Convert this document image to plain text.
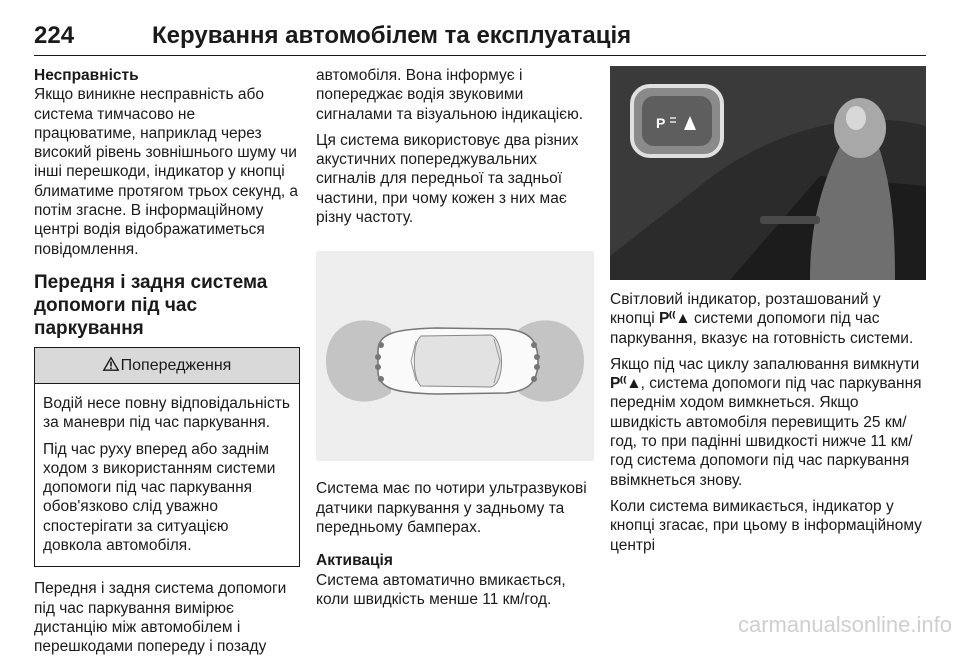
224	Керування автомобілем та експлуатація

Несправність

Якщо виникне несправність або система тимчасово не працюватиме, наприклад через високий рівень зовнішнього шуму чи інші перешкоди, індикатор у кнопці блиматиме протягом трьох секунд, а потім згасне. В інформаційному центрі водія відображатиметься повідомлення.

Передня і задня система допомоги під час паркування

Попередження

Водій несе повну відповідальність за маневри під час паркування.

Під час руху вперед або заднім ходом з використанням системи допомоги під час паркування обов'язково слід уважно спостерігати за ситуацією довкола автомобіля.

Передня і задня система допомоги під час паркування вимірює дистанцію між автомобілем і перешкодами попереду і позаду

автомобіля. Вона інформує і попереджає водія звуковими сигналами та візуальною індикацією.

Ця система використовує два різних акустичних попереджувальних сигналів для передньої та задньої частини, при чому кожен з них має різну частоту.

Система має по чотири ультразвукові датчики паркування у задньому та передньому бамперах.

Активація

Система автоматично вмикається, коли швидкість менше 11 км/год.

P

Світловий індикатор, розташований у кнопці P⁽⁽▲ системи допомоги під час паркування, вказує на готовність системи.

Якщо під час циклу запалювання вимкнути P⁽⁽▲, система допомоги під час паркування переднім ходом вимкнеться. Якщо швидкість автомобіля перевищить 25 км/год, то при падінні швидкості нижче 11 км/год система допомоги під час паркування ввімкнеться знову.

Коли система вимикається, індикатор у кнопці згасає, при цьому в інформаційному центрі

carmanualsonline.info
